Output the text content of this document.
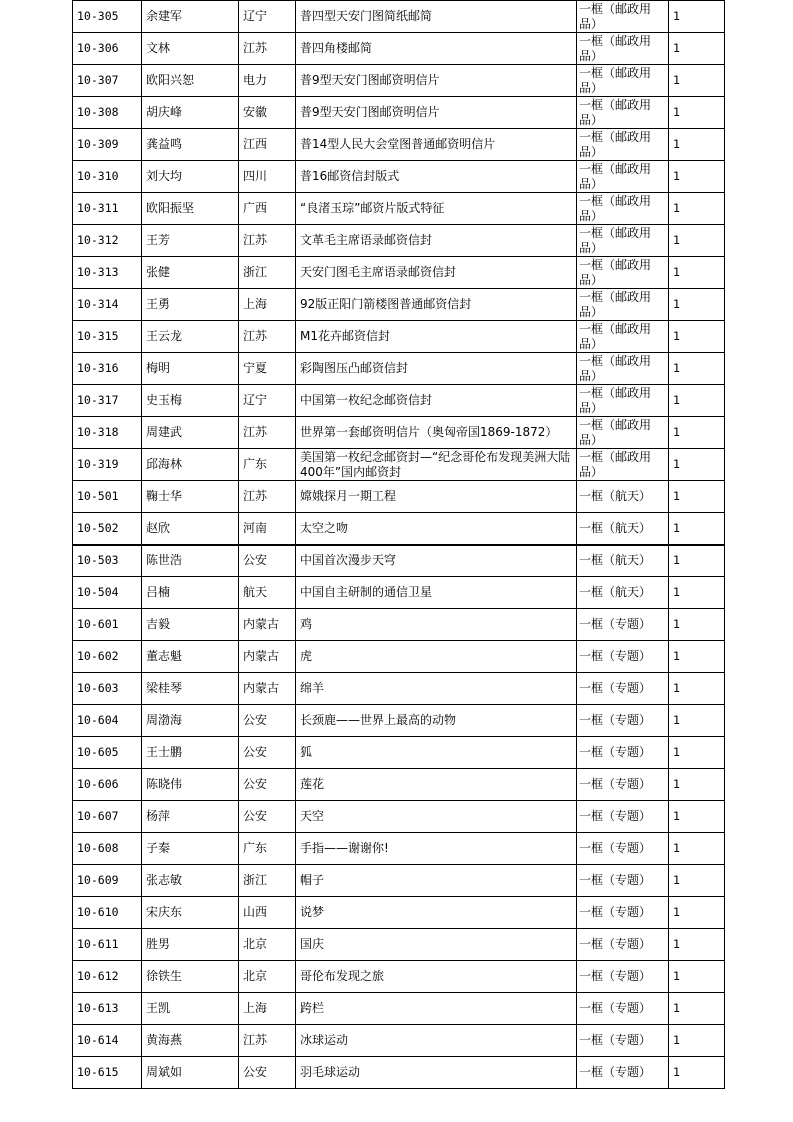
10-305	余建军	辽宁	普四型天安门图简纸邮简	一框（邮政用品）	1
10-306	文林	江苏	普四角楼邮简	一框（邮政用品）	1
10-307	欧阳兴恕	电力	普9型天安门图邮资明信片	一框（邮政用品）	1
10-308	胡庆峰	安徽	普9型天安门图邮资明信片	一框（邮政用品）	1
10-309	龚益鸣	江西	普14型人民大会堂图普通邮资明信片	一框（邮政用品）	1
10-310	刘大均	四川	普16邮资信封版式	一框（邮政用品）	1
10-311	欧阳振坚	广西	“良渚玉琮”邮资片版式特征	一框（邮政用品）	1
10-312	王芳	江苏	文革毛主席语录邮资信封	一框（邮政用品）	1
10-313	张健	浙江	天安门图毛主席语录邮资信封	一框（邮政用品）	1
10-314	王勇	上海	92版正阳门箭楼图普通邮资信封	一框（邮政用品）	1
10-315	王云龙	江苏	M1花卉邮资信封	一框（邮政用品）	1
10-316	梅明	宁夏	彩陶图压凸邮资信封	一框（邮政用品）	1
10-317	史玉梅	辽宁	中国第一枚纪念邮资信封	一框（邮政用品）	1
10-318	周建武	江苏	世界第一套邮资明信片（奥匈帝国1869-1872）	一框（邮政用品）	1
10-319	邱海林	广东	美国第一枚纪念邮资封—“纪念哥伦布发现美洲大陆400年”国内邮资封	一框（邮政用品）	1
10-501	鞠士华	江苏	嫦娥探月一期工程	一框（航天）	1
10-502	赵欣	河南	太空之吻	一框（航天）	1
10-503	陈世浩	公安	中国首次漫步天穹	一框（航天）	1
10-504	吕楠	航天	中国自主研制的通信卫星	一框（航天）	1
10-601	吉毅	内蒙古	鸡	一框（专题）	1
10-602	董志魁	内蒙古	虎	一框（专题）	1
10-603	梁桂琴	内蒙古	绵羊	一框（专题）	1
10-604	周渤海	公安	长颈鹿——世界上最高的动物	一框（专题）	1
10-605	王士鹏	公安	狐	一框（专题）	1
10-606	陈晓伟	公安	莲花	一框（专题）	1
10-607	杨萍	公安	天空	一框（专题）	1
10-608	子秦	广东	手指——谢谢你!	一框（专题）	1
10-609	张志敏	浙江	帽子	一框（专题）	1
10-610	宋庆东	山西	说梦	一框（专题）	1
10-611	胜男	北京	国庆	一框（专题）	1
10-612	徐铁生	北京	哥伦布发现之旅	一框（专题）	1
10-613	王凯	上海	跨栏	一框（专题）	1
10-614	黄海燕	江苏	冰球运动	一框（专题）	1
10-615	周斌如	公安	羽毛球运动	一框（专题）	1
